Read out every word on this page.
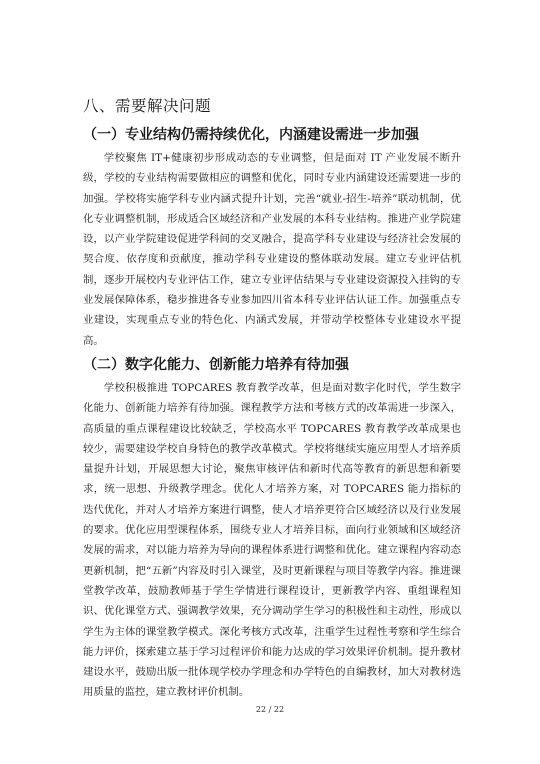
八、需要解决问题
（一）专业结构仍需持续优化，内涵建设需进一步加强

学校聚焦 IT+健康初步形成动态的专业调整，但是面对 IT 产业发展不断升级，学校的专业结构需要做相应的调整和优化，同时专业内涵建设还需要进一步的加强。学校将实施学科专业内涵式提升计划，完善“就业-招生-培养”联动机制，优化专业调整机制，形成适合区域经济和产业发展的本科专业结构。推进产业学院建设，以产业学院建设促进学科间的交叉融合，提高学科专业建设与经济社会发展的契合度、依存度和贡献度，推动学科专业建设的整体联动发展。建立专业评估机制，逐步开展校内专业评估工作，建立专业评估结果与专业建设资源投入挂钩的专业发展保障体系，稳步推进各专业参加四川省本科专业评估认证工作。加强重点专业建设，实现重点专业的特色化、内涵式发展，并带动学校整体专业建设水平提高。

（二）数字化能力、创新能力培养有待加强

学校积极推进 TOPCARES 教育教学改革，但是面对数字化时代，学生数字化能力、创新能力培养有待加强。课程教学方法和考核方式的改革需进一步深入，高质量的重点课程建设比较缺乏，学校高水平 TOPCARES 教育教学改革成果也较少，需要建设学校自身特色的教学改革模式。学校将继续实施应用型人才培养质量提升计划，开展思想大讨论，聚焦审核评估和新时代高等教育的新思想和新要求，统一思想、升级教学理念。优化人才培养方案，对 TOPCARES 能力指标的迭代优化，并对人才培养方案进行调整，使人才培养更符合区域经济以及行业发展的要求。优化应用型课程体系，围绕专业人才培养目标，面向行业领域和区域经济发展的需求，对以能力培养为导向的课程体系进行调整和优化。建立课程内容动态更新机制，把“五新”内容及时引入课堂，及时更新课程与项目等教学内容。推进课堂教学改革，鼓励教师基于学生学情进行课程设计，更新教学内容、重组课程知识、优化课堂方式、强调教学效果，充分调动学生学习的积极性和主动性，形成以学生为主体的课堂教学模式。深化考核方式改革，注重学生过程性考察和学生综合能力评价，探索建立基于学习过程评价和能力达成的学习效果评价机制。提升教材建设水平，鼓励出版一批体现学校办学理念和办学特色的自编教材，加大对教材选用质量的监控，建立教材评价机制。

22 / 22
